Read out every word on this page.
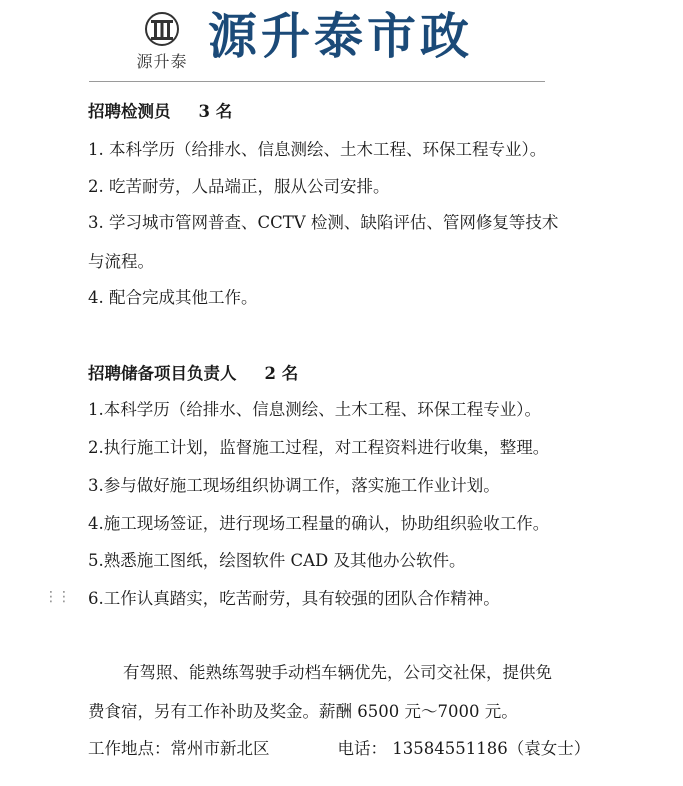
源升泰 源升泰市政
招聘检测员 3 名
1. 本科学历（给排水、信息测绘、土木工程、环保工程专业）。
2. 吃苦耐劳，人品端正，服从公司安排。
3. 学习城市管网普查、CCTV 检测、缺陷评估、管网修复等技术
与流程。
4. 配合完成其他工作。
招聘储备项目负责人 2 名
1.本科学历（给排水、信息测绘、土木工程、环保工程专业）。
2.执行施工计划，监督施工过程，对工程资料进行收集，整理。
3.参与做好施工现场组织协调工作，落实施工作业计划。
4.施工现场签证，进行现场工程量的确认，协助组织验收工作。
5.熟悉施工图纸，绘图软件 CAD 及其他办公软件。
⋮⋮ 6.工作认真踏实，吃苦耐劳，具有较强的团队合作精神。
有驾照、能熟练驾驶手动档车辆优先，公司交社保，提供免
费食宿，另有工作补助及奖金。薪酬 6500 元～7000 元。
工作地点：常州市新北区	电话： 13584551186（袁女士）
